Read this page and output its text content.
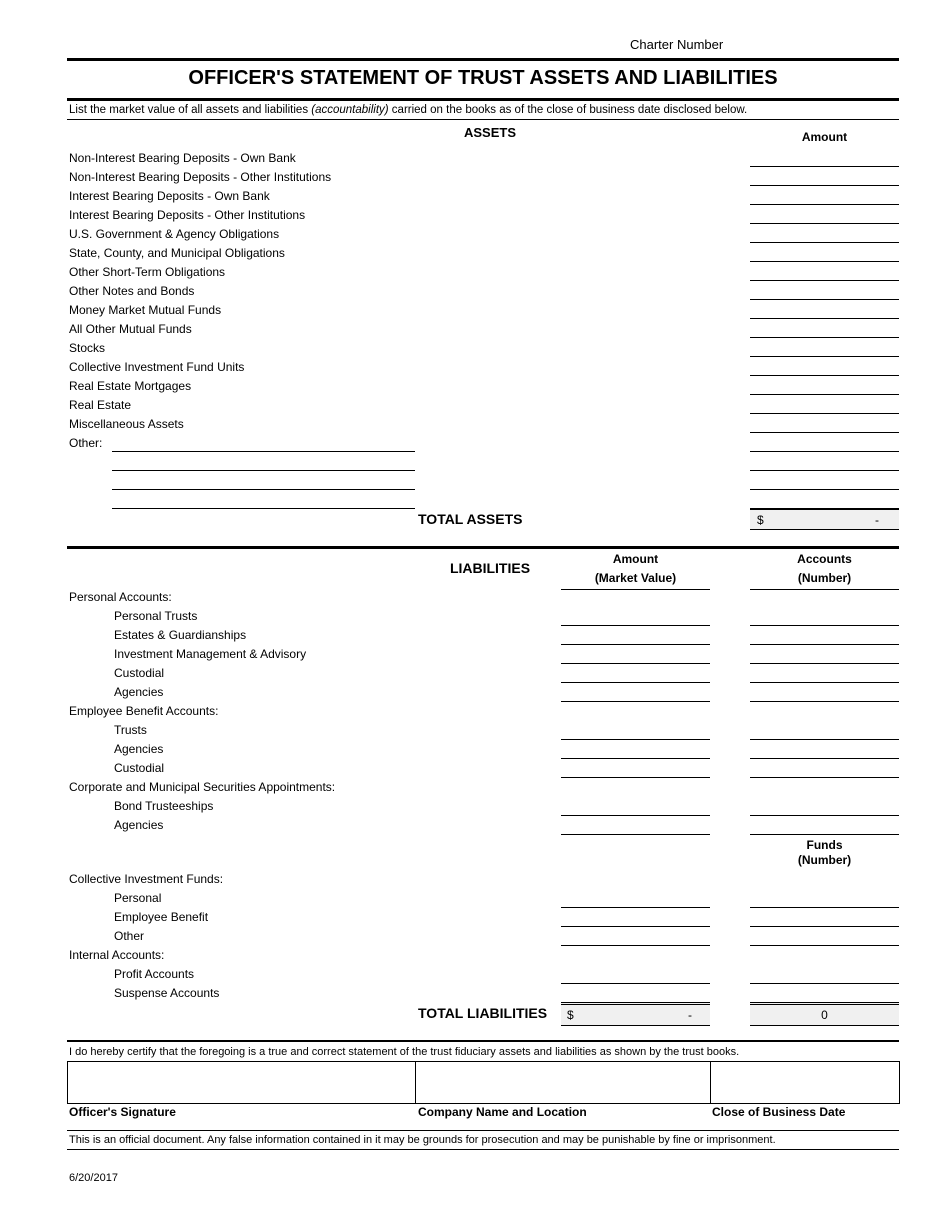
Charter Number
OFFICER'S STATEMENT OF TRUST ASSETS AND LIABILITIES
List the market value of all assets and liabilities (accountability) carried on the books as of the close of business date disclosed below.
ASSETS	Amount
Non-Interest Bearing Deposits - Own Bank
Non-Interest Bearing Deposits - Other Institutions
Interest Bearing Deposits - Own Bank
Interest Bearing Deposits - Other Institutions
U.S. Government & Agency Obligations
State, County, and Municipal Obligations
Other Short-Term Obligations
Other Notes and Bonds
Money Market Mutual Funds
All Other Mutual Funds
Stocks
Collective Investment Fund Units
Real Estate Mortgages
Real Estate
Miscellaneous Assets
Other:
TOTAL ASSETS	$	-
LIABILITIES
Amount
(Market Value)
Accounts
(Number)
Personal Accounts:
Personal Trusts
Estates & Guardianships
Investment Management & Advisory
Custodial
Agencies
Employee Benefit Accounts:
Trusts
Agencies
Custodial
Corporate and Municipal Securities Appointments:
Bond Trusteeships
Agencies
Collective Investment Funds:
Personal
Employee Benefit
Other
Internal Accounts:
Profit Accounts
Suspense Accounts
Funds
(Number)
TOTAL LIABILITIES $	-	0
I do hereby certify that the foregoing is a true and correct statement of the trust fiduciary assets and liabilities as shown by the trust books.
Officer's Signature	Company Name and Location	Close of Business Date
This is an official document. Any false information contained in it may be grounds for prosecution and may be punishable by fine or imprisonment.
6/20/2017
